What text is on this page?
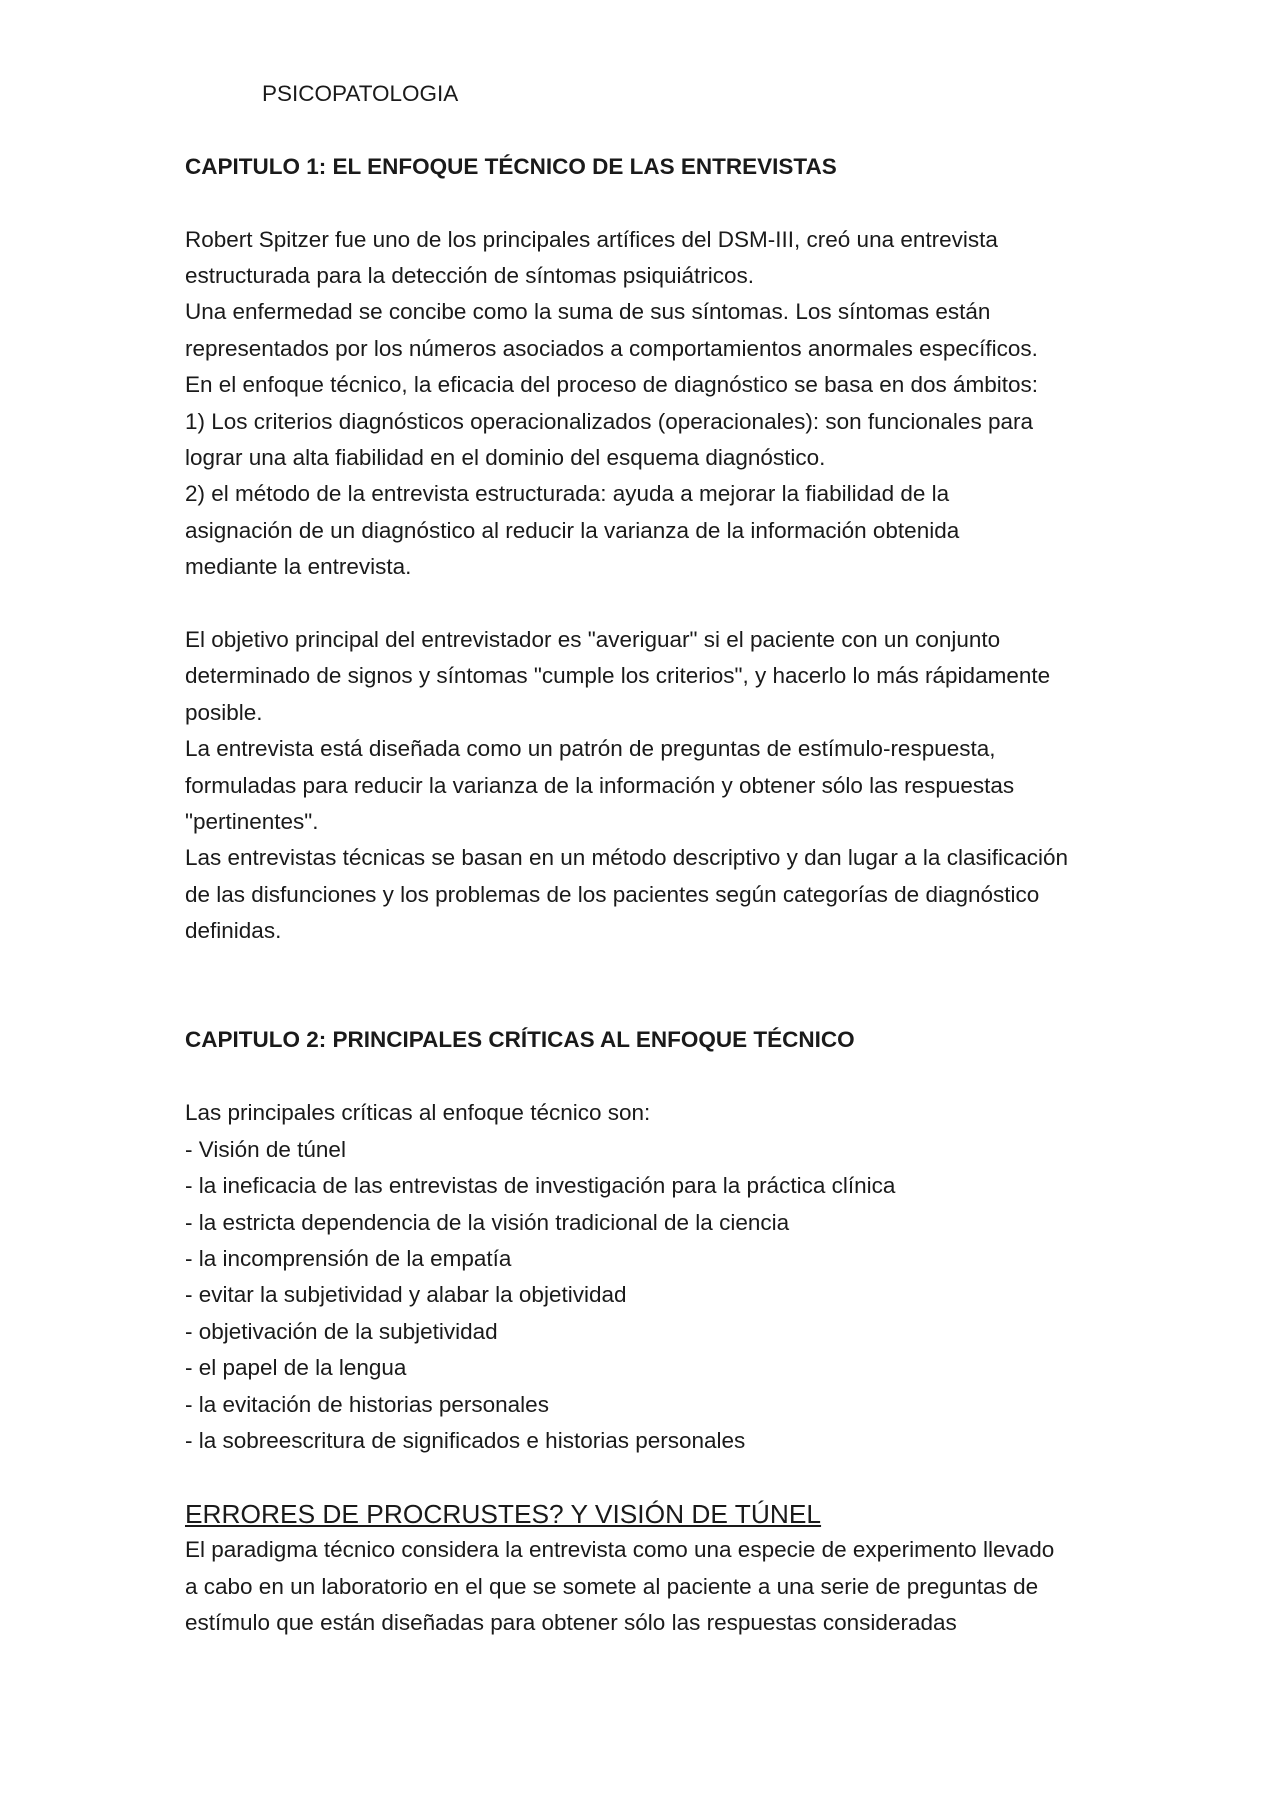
PSICOPATOLOGIA
CAPITULO 1: EL ENFOQUE TÉCNICO DE LAS ENTREVISTAS

Robert Spitzer fue uno de los principales artífices del DSM-III, creó una entrevista

estructurada para la detección de síntomas psiquiátricos.

Una enfermedad se concibe como la suma de sus síntomas. Los síntomas están

representados por los números asociados a comportamientos anormales específicos.

En el enfoque técnico, la eficacia del proceso de diagnóstico se basa en dos ámbitos:

1) Los criterios diagnósticos operacionalizados (operacionales): son funcionales para

lograr una alta fiabilidad en el dominio del esquema diagnóstico.

2) el método de la entrevista estructurada: ayuda a mejorar la fiabilidad de la

asignación de un diagnóstico al reducir la varianza de la información obtenida

mediante la entrevista.

El objetivo principal del entrevistador es "averiguar" si el paciente con un conjunto

determinado de signos y síntomas "cumple los criterios", y hacerlo lo más rápidamente

posible.

La entrevista está diseñada como un patrón de preguntas de estímulo-respuesta,

formuladas para reducir la varianza de la información y obtener sólo las respuestas

"pertinentes".

Las entrevistas técnicas se basan en un método descriptivo y dan lugar a la clasificación

de las disfunciones y los problemas de los pacientes según categorías de diagnóstico

definidas.

CAPITULO 2: PRINCIPALES CRÍTICAS AL ENFOQUE TÉCNICO

Las principales críticas al enfoque técnico son:

- Visión de túnel
- la ineficacia de las entrevistas de investigación para la práctica clínica
- la estricta dependencia de la visión tradicional de la ciencia
- la incomprensión de la empatía
- evitar la subjetividad y alabar la objetividad
- objetivación de la subjetividad
- el papel de la lengua
- la evitación de historias personales
- la sobreescritura de significados e historias personales
ERRORES DE PROCRUSTES? Y VISIÓN DE TÚNEL

El paradigma técnico considera la entrevista como una especie de experimento llevado

a cabo en un laboratorio en el que se somete al paciente a una serie de preguntas de

estímulo que están diseñadas para obtener sólo las respuestas consideradas
